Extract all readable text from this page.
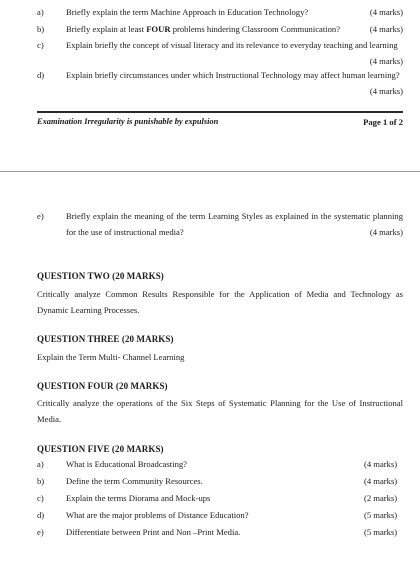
a)	Briefly explain the term Machine Approach in Education Technology?	(4 marks)
b)	Briefly explain at least FOUR problems hindering Classroom Communication?	(4 marks)
c)	Explain briefly the concept of visual literacy and its relevance to everyday teaching and learning
(4 marks)
d)	Explain briefly circumstances under which Instructional Technology may affect human learning?
(4 marks)
Examination Irregularity is punishable by expulsion	Page 1 of 2
e)	Briefly explain the meaning of the term Learning Styles as explained in the systematic planning for the use of instructional media?	(4 marks)
QUESTION TWO (20 MARKS)
Critically analyze Common Results Responsible for the Application of Media and Technology as Dynamic Learning Processes.
QUESTION THREE (20 MARKS)
Explain the Term Multi- Channel Learning
QUESTION FOUR (20 MARKS)
Critically analyze the operations of the Six Steps of Systematic Planning for the Use of Instructional Media.
QUESTION FIVE (20 MARKS)
a)	What is Educational Broadcasting?	(4 marks)
b)	Define the term Community Resources.	(4 marks)
c)	Explain the terms Diorama and Mock-ups	(2 marks)
d)	What are the major problems of Distance Education?	(5 marks)
e)	Differentiate between Print and Non –Print Media.	(5 marks)
